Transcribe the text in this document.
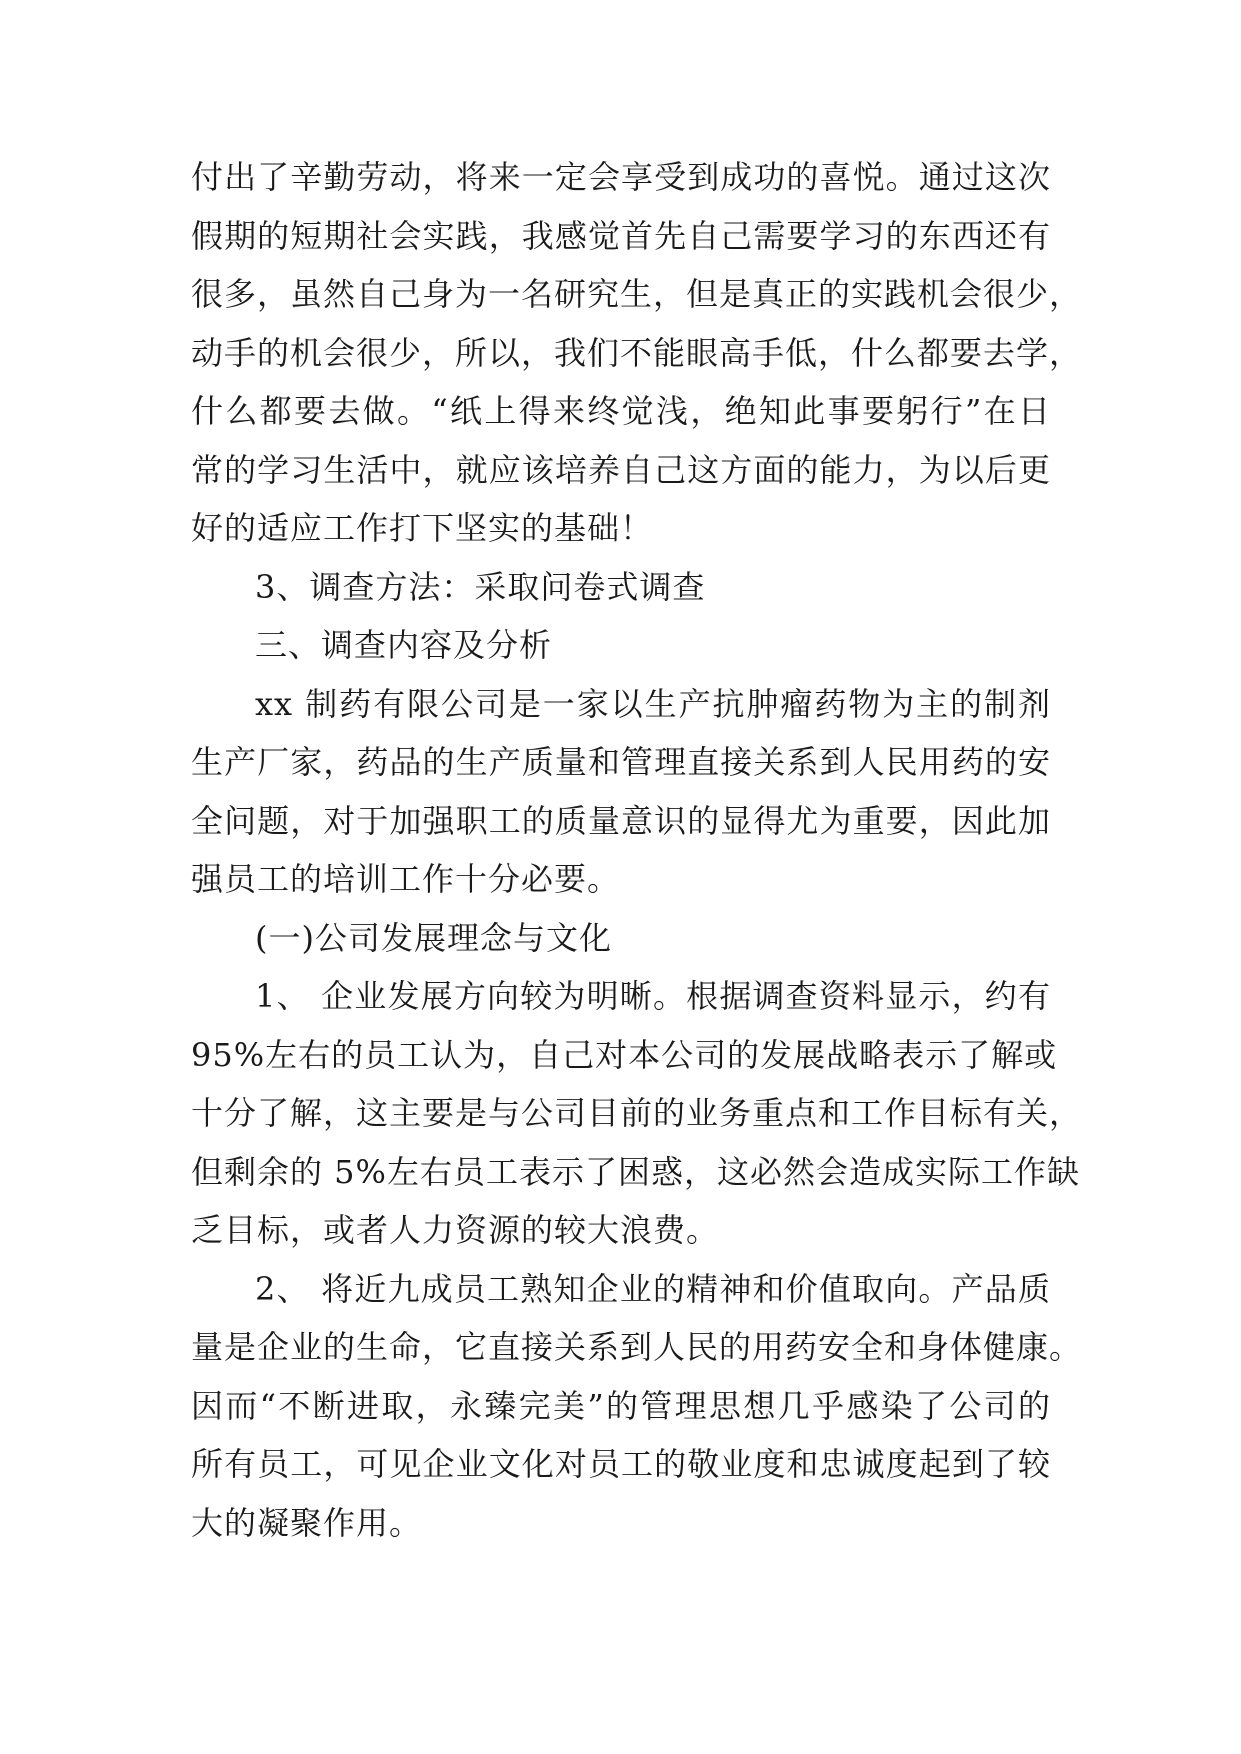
付出了辛勤劳动，将来一定会享受到成功的喜悦。通过这次
假期的短期社会实践，我感觉首先自己需要学习的东西还有
很多，虽然自己身为一名研究生，但是真正的实践机会很少，
动手的机会很少，所以，我们不能眼高手低，什么都要去学，
什么都要去做。“纸上得来终觉浅，绝知此事要躬行”在日
常的学习生活中，就应该培养自己这方面的能力，为以后更
好的适应工作打下坚实的基础！
3、调查方法：采取问卷式调查
三、调查内容及分析
xx 制药有限公司是一家以生产抗肿瘤药物为主的制剂
生产厂家，药品的生产质量和管理直接关系到人民用药的安
全问题，对于加强职工的质量意识的显得尤为重要，因此加
强员工的培训工作十分必要。
(一)公司发展理念与文化
1、 企业发展方向较为明晰。根据调查资料显示，约有
95%左右的员工认为，自己对本公司的发展战略表示了解或
十分了解，这主要是与公司目前的业务重点和工作目标有关，
但剩余的 5%左右员工表示了困惑，这必然会造成实际工作缺
乏目标，或者人力资源的较大浪费。
2、 将近九成员工熟知企业的精神和价值取向。产品质
量是企业的生命，它直接关系到人民的用药安全和身体健康。
因而“不断进取，永臻完美”的管理思想几乎感染了公司的
所有员工，可见企业文化对员工的敬业度和忠诚度起到了较
大的凝聚作用。
